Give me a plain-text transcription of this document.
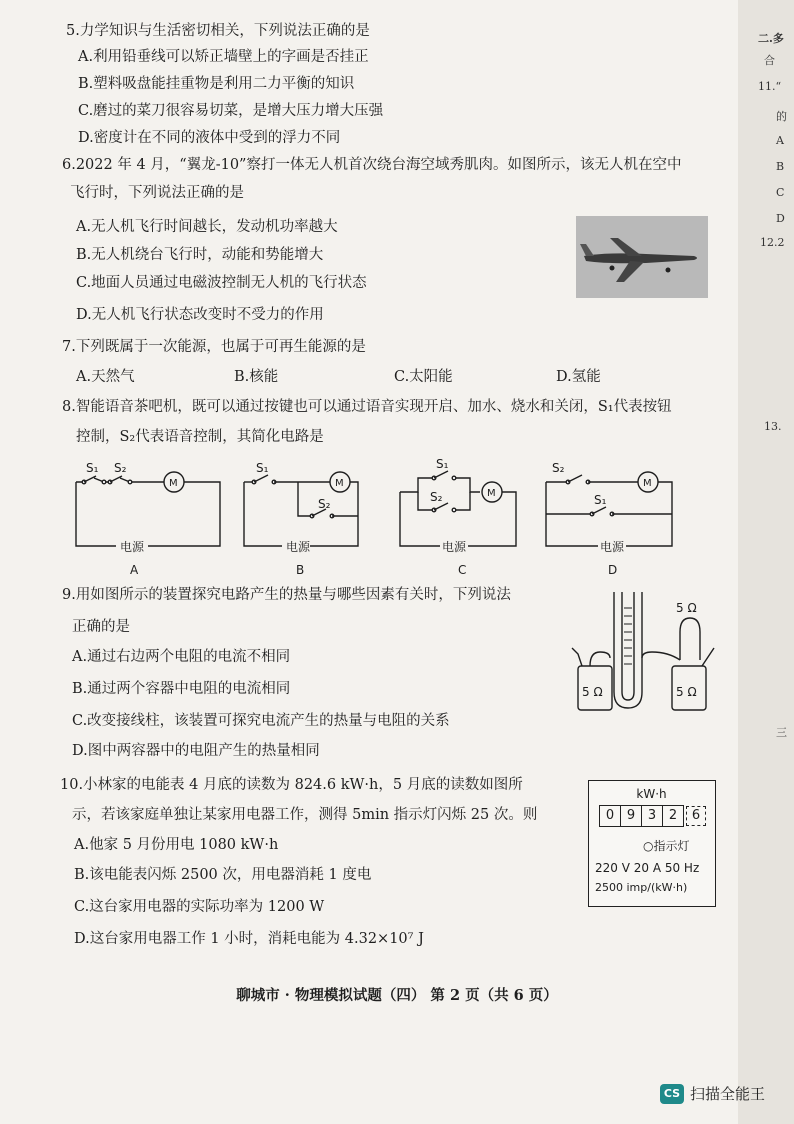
二.多
合
11.“
的
A
B
C
D
12.2
13.
三
5.力学知识与生活密切相关，下列说法正确的是
A.利用铅垂线可以矫正墙壁上的字画是否挂正
B.塑料吸盘能挂重物是利用二力平衡的知识
C.磨过的菜刀很容易切菜，是增大压力增大压强
D.密度计在不同的液体中受到的浮力不同
6.2022 年 4 月，“翼龙-10”察打一体无人机首次绕台海空域秀肌肉。如图所示，该无人机在空中
飞行时，下列说法正确的是
A.无人机飞行时间越长，发动机功率越大
B.无人机绕台飞行时，动能和势能增大
C.地面人员通过电磁波控制无人机的飞行状态
D.无人机飞行状态改变时不受力的作用
7.下列既属于一次能源，也属于可再生能源的是
A.天然气	B.核能	C.太阳能	D.氢能
8.智能语音茶吧机，既可以通过按键也可以通过语音实现开启、加水、烧水和关闭，S₁代表按钮
控制，S₂代表语音控制，其简化电路是
S₁ S₂
M
电源
A
S₁
M
S₂
电源
B
S₁
S₂	M
电源
C
S₂
S₁
M
电源
D
9.用如图所示的装置探究电路产生的热量与哪些因素有关时，下列说法
正确的是
A.通过右边两个电阻的电流不相同
B.通过两个容器中电阻的电流相同
C.改变接线柱，该装置可探究电流产生的热量与电阻的关系
D.图中两容器中的电阻产生的热量相同
5 Ω
5 Ω	5 Ω
10.小林家的电能表 4 月底的读数为 824.6 kW·h，5 月底的读数如图所
示，若该家庭单独让某家用电器工作，测得 5min 指示灯闪烁 25 次。则
A.他家 5 月份用电 1080 kW·h
B.该电能表闪烁 2500 次，用电器消耗 1 度电
C.这台家用电器的实际功率为 1200 W
D.这台家用电器工作 1 小时，消耗电能为 4.32×10⁷ J
kW·h
0 9 3 2	6
○指示灯
220 V 20 A 50 Hz
2500 imp/(kW·h)
聊城市 · 物理模拟试题（四） 第 2 页（共 6 页）
CS 扫描全能王
